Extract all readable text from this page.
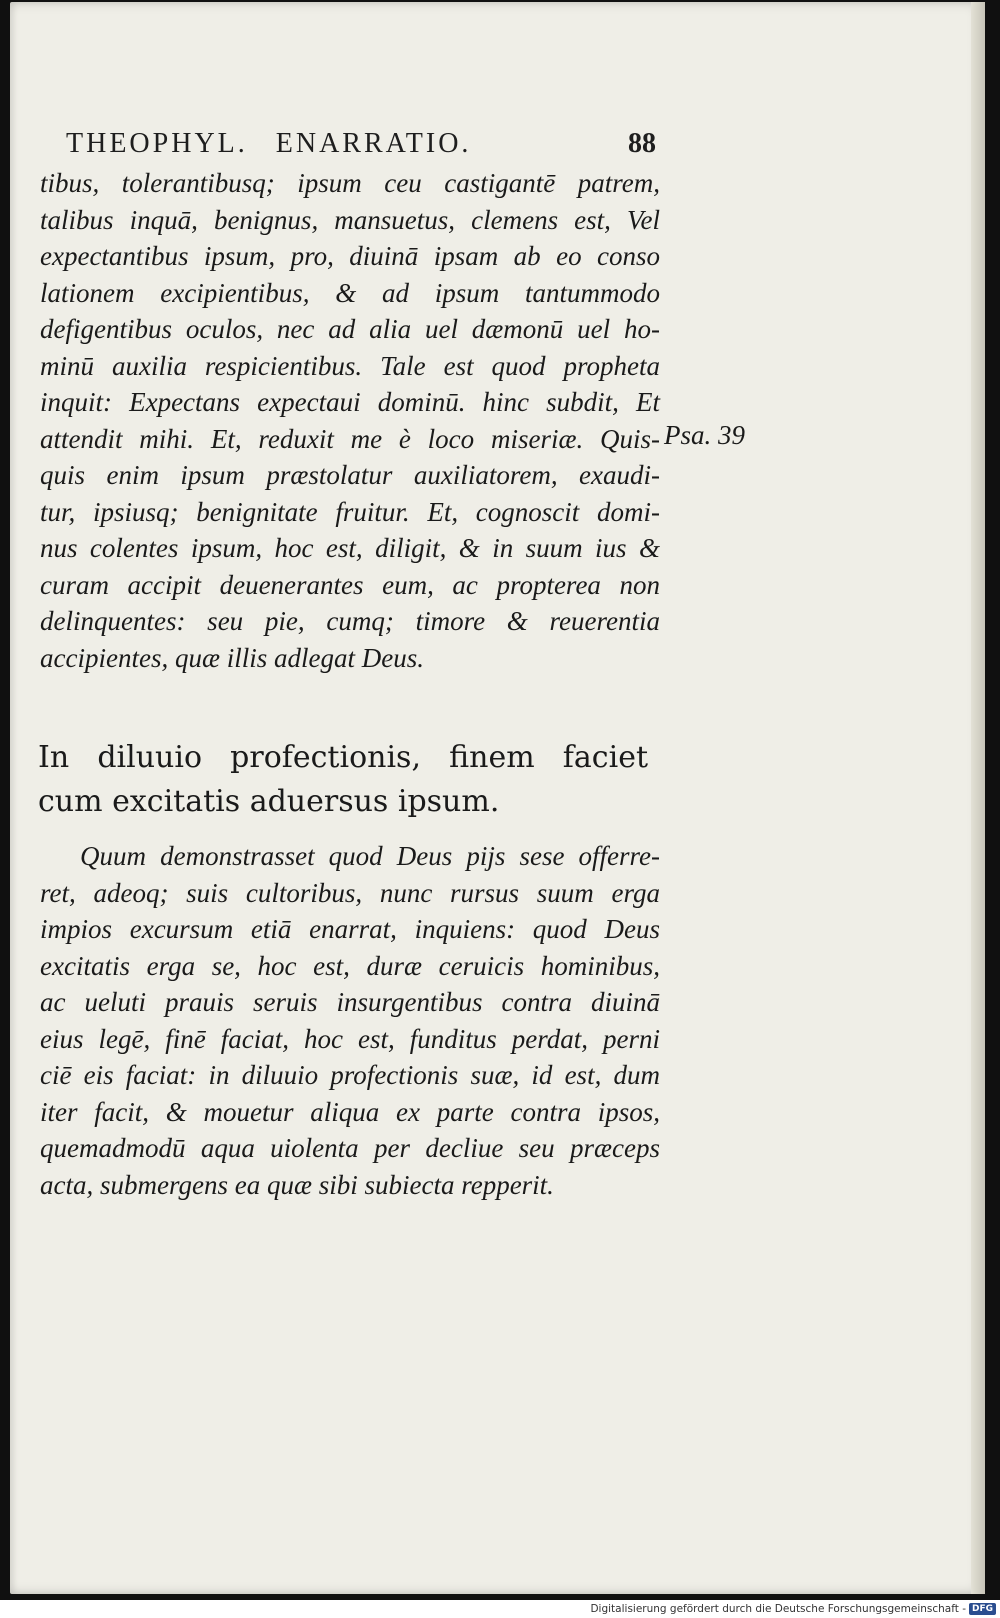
THEOPHYL. ENARRATIO.	88
tibus, tolerantibusq; ipsum ceu castigantē patrem,
talibus inquā, benignus, mansuetus, clemens est, Vel
expectantibus ipsum, pro, diuinā ipsam ab eo conso
lationem excipientibus, & ad ipsum tantummodo
defigentibus oculos, nec ad alia uel dæmonū uel ho-
minū auxilia respicientibus. Tale est quod propheta
inquit: Expectans expectaui dominū. hinc subdit, Et
attendit mihi. Et, reduxit me è loco miseriæ. Quis-
quis enim ipsum præstolatur auxiliatorem, exaudi-
tur, ipsiusq; benignitate fruitur. Et, cognoscit domi-
nus colentes ipsum, hoc est, diligit, & in suum ius &
curam accipit deuenerantes eum, ac propterea non
delinquentes: seu pie, cumq; timore & reuerentia
accipientes, quæ illis adlegat Deus.
Psa. 39
In diluuio profectionis, finem faciet
cum excitatis aduersus ipsum.
Quum demonstrasset quod Deus pijs sese offerre-
ret, adeoq; suis cultoribus, nunc rursus suum erga
impios excursum etiā enarrat, inquiens: quod Deus
excitatis erga se, hoc est, duræ ceruicis hominibus,
ac ueluti prauis seruis insurgentibus contra diuinā
eius legē, finē faciat, hoc est, funditus perdat, perni
ciē eis faciat: in diluuio profectionis suæ, id est, dum
iter facit, & mouetur aliqua ex parte contra ipsos,
quemadmodū aqua uiolenta per decliue seu præceps
acta, submergens ea quæ sibi subiecta repperit.
Digitalisierung gefördert durch die Deutsche Forschungsgemeinschaft - DFG
